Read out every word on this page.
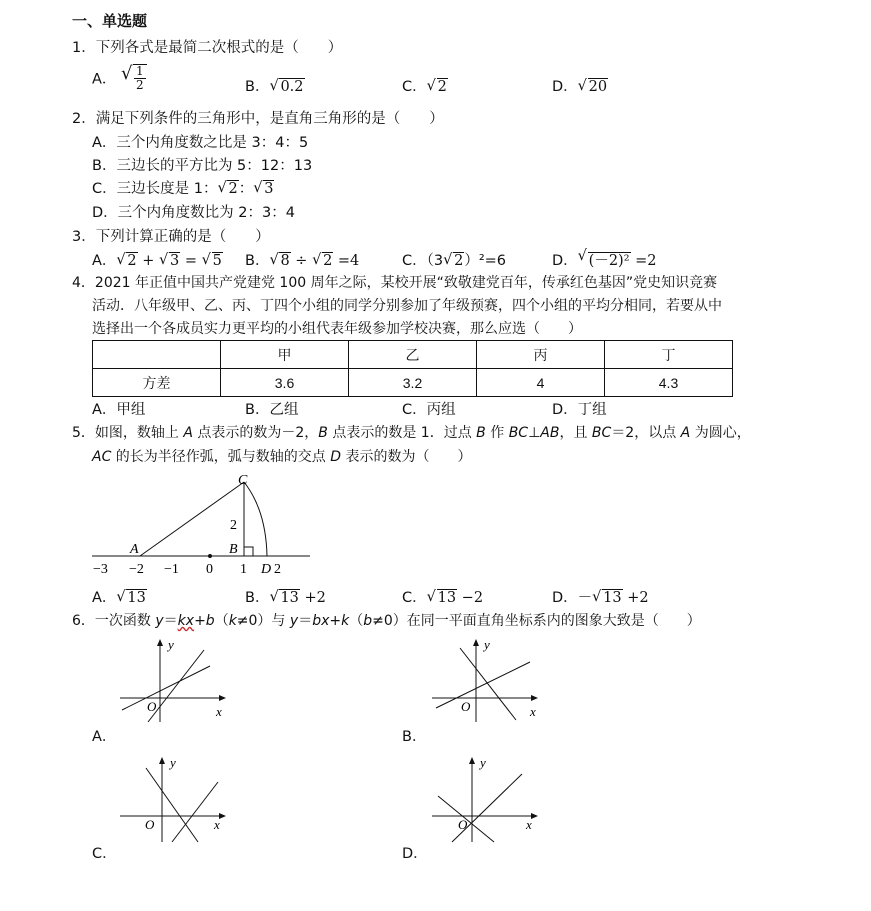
一、单选题
1．下列各式是最简二次根式的是（　　）
A． √ $\frac{1}{2}$	B． √ 0.2	C． √ 2	D． √ 20
2．满足下列条件的三角形中，是直角三角形的是（　　）
A．三个内角度数之比是 3：4：5
B．三边长的平方比为 5：12：13
C．三边长度是 1： √ 2： √ 3
D．三个内角度数比为 2：3：4
3．下列计算正确的是（　　）
A． √ 2 + √ 3 = √ 5 B． √ 8 ÷ √ 2 =4	C．（3 √ 2）²=6	D． √ (－2)² =2
4．2021 年正值中国共产党建党 100 周年之际，某校开展“致敬建党百年，传承红色基因”党史知识竞赛
活动．八年级甲、乙、丙、丁四个小组的同学分别参加了年级预赛，四个小组的平均分相同，若要从中
选择出一个各成员实力更平均的小组代表年级参加学校决赛，那么应选（　　）
	甲	乙	丙	丁
方差	3.6	3.2	4	4.3
A．甲组	B．乙组	C．丙组	D．丁组
5．如图，数轴上 A 点表示的数为－2，B 点表示的数是 1．过点 B 作 BC⊥AB，且 BC＝2，以点 A 为圆心，
AC 的长为半径作弧，弧与数轴的交点 D 表示的数为（　　）
C
A	B
D
2
−3 −2 −1 0 1 2
A． √ 13	B． √ 13 +2	C． √ 13 −2	D．－ √ 13 +2
6．一次函数 y＝kx+b（k≠0）与 y＝bx+k（b≠0）在同一平面直角坐标系内的图象大致是（　　）
y
x
O
A．
y
x
O
B．
y
x
O
C．
y
x
O
D．
